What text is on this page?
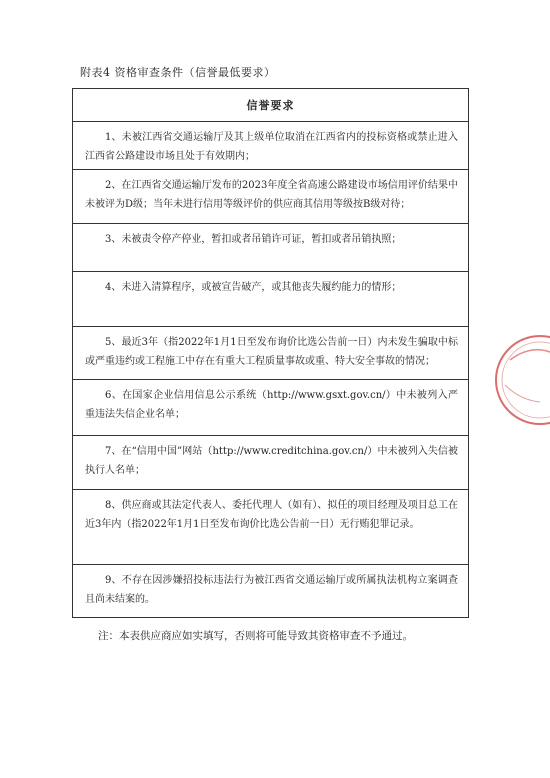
附表4 资格审查条件（信誉最低要求）
信誉要求
1、未被江西省交通运输厅及其上级单位取消在江西省内的投标资格或禁止进入江西省公路建设市场且处于有效期内；
2、在江西省交通运输厅发布的2023年度全省高速公路建设市场信用评价结果中未被评为D级；当年未进行信用等级评价的供应商其信用等级按B级对待；
3、未被责令停产停业，暂扣或者吊销许可证，暂扣或者吊销执照；
4、未进入清算程序，或被宣告破产，或其他丧失履约能力的情形；
5、最近3年（指2022年1月1日至发布询价比选公告前一日）内未发生骗取中标或严重违约或工程施工中存在有重大工程质量事故或重、特大安全事故的情况；
6、在国家企业信用信息公示系统（http://www.gsxt.gov.cn/）中未被列入严重违法失信企业名单；
7、在“信用中国”网站（http://www.creditchina.gov.cn/）中未被列入失信被执行人名单；
8、供应商或其法定代表人、委托代理人（如有）、拟任的项目经理及项目总工在近3年内（指2022年1月1日至发布询价比选公告前一日）无行贿犯罪记录。
9、不存在因涉嫌招投标违法行为被江西省交通运输厅或所属执法机构立案调查且尚未结案的。
注：本表供应商应如实填写，否则将可能导致其资格审查不予通过。
